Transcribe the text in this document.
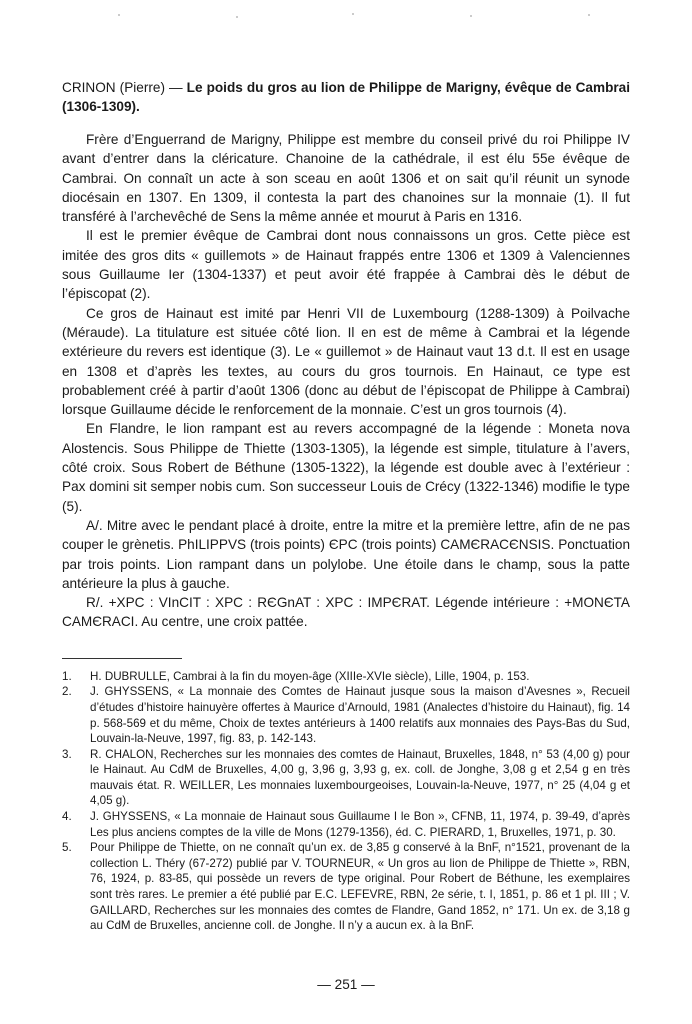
CRINON (Pierre) — Le poids du gros au lion de Philippe de Marigny, évêque de Cambrai (1306-1309).

Frère d’Enguerrand de Marigny, Philippe est membre du conseil privé du roi Philippe IV avant d’entrer dans la cléricature. Chanoine de la cathédrale, il est élu 55e évêque de Cambrai. On connaît un acte à son sceau en août 1306 et on sait qu’il réunit un synode diocésain en 1307. En 1309, il contesta la part des chanoines sur la monnaie (1). Il fut transféré à l’archevêché de Sens la même année et mourut à Paris en 1316.

Il est le premier évêque de Cambrai dont nous connaissons un gros. Cette pièce est imitée des gros dits « guillemots » de Hainaut frappés entre 1306 et 1309 à Valenciennes sous Guillaume Ier (1304-1337) et peut avoir été frappée à Cambrai dès le début de l’épiscopat (2).

Ce gros de Hainaut est imité par Henri VII de Luxembourg (1288-1309) à Poilvache (Méraude). La titulature est située côté lion. Il en est de même à Cambrai et la légende extérieure du revers est identique (3). Le « guillemot » de Hainaut vaut 13 d.t. Il est en usage en 1308 et d’après les textes, au cours du gros tournois. En Hainaut, ce type est probablement créé à partir d’août 1306 (donc au début de l’épiscopat de Philippe à Cambrai) lorsque Guillaume décide le renforcement de la monnaie. C’est un gros tournois (4).

En Flandre, le lion rampant est au revers accompagné de la légende : Moneta nova Alostencis. Sous Philippe de Thiette (1303-1305), la légende est simple, titulature à l’avers, côté croix. Sous Robert de Béthune (1305-1322), la légende est double avec à l’extérieur : Pax domini sit semper nobis cum. Son successeur Louis de Crécy (1322-1346) modifie le type (5).

A/. Mitre avec le pendant placé à droite, entre la mitre et la première lettre, afin de ne pas couper le grènetis. PhILIPPVS (trois points) ЄPC (trois points) CAMЄRACЄNSIS. Ponctuation par trois points. Lion rampant dans un polylobe. Une étoile dans le champ, sous la patte antérieure la plus à gauche.

R/. +XPC : VInCIT : XPC : RЄGnAT : XPC : IMPЄRAT. Légende intérieure : +MONЄTA CAMЄRACI. Au centre, une croix pattée.

1. H. DUBRULLE, Cambrai à la fin du moyen-âge (XIIIe-XVIe siècle), Lille, 1904, p. 153.
2. J. GHYSSENS, « La monnaie des Comtes de Hainaut jusque sous la maison d’Avesnes », Recueil d’études d’histoire hainuyère offertes à Maurice d’Arnould, 1981 (Analectes d’histoire du Hainaut), fig. 14 p. 568-569 et du même, Choix de textes antérieurs à 1400 relatifs aux monnaies des Pays-Bas du Sud, Louvain-la-Neuve, 1997, fig. 83, p. 142-143.
3. R. CHALON, Recherches sur les monnaies des comtes de Hainaut, Bruxelles, 1848, n° 53 (4,00 g) pour le Hainaut. Au CdM de Bruxelles, 4,00 g, 3,96 g, 3,93 g, ex. coll. de Jonghe, 3,08 g et 2,54 g en très mauvais état. R. WEILLER, Les monnaies luxembourgeoises, Louvain-la-Neuve, 1977, n° 25 (4,04 g et 4,05 g).
4. J. GHYSSENS, « La monnaie de Hainaut sous Guillaume I le Bon », CFNB, 11, 1974, p. 39-49, d’après Les plus anciens comptes de la ville de Mons (1279-1356), éd. C. PIERARD, 1, Bruxelles, 1971, p. 30.
5. Pour Philippe de Thiette, on ne connaît qu’un ex. de 3,85 g conservé à la BnF, n°1521, provenant de la collection L. Théry (67-272) publié par V. TOURNEUR, « Un gros au lion de Philippe de Thiette », RBN, 76, 1924, p. 83-85, qui possède un revers de type original. Pour Robert de Béthune, les exemplaires sont très rares. Le premier a été publié par E.C. LEFEVRE, RBN, 2e série, t. I, 1851, p. 86 et 1 pl. III ; V. GAILLARD, Recherches sur les monnaies des comtes de Flandre, Gand 1852, n° 171. Un ex. de 3,18 g au CdM de Bruxelles, ancienne coll. de Jonghe. Il n’y a aucun ex. à la BnF.
— 251 —
